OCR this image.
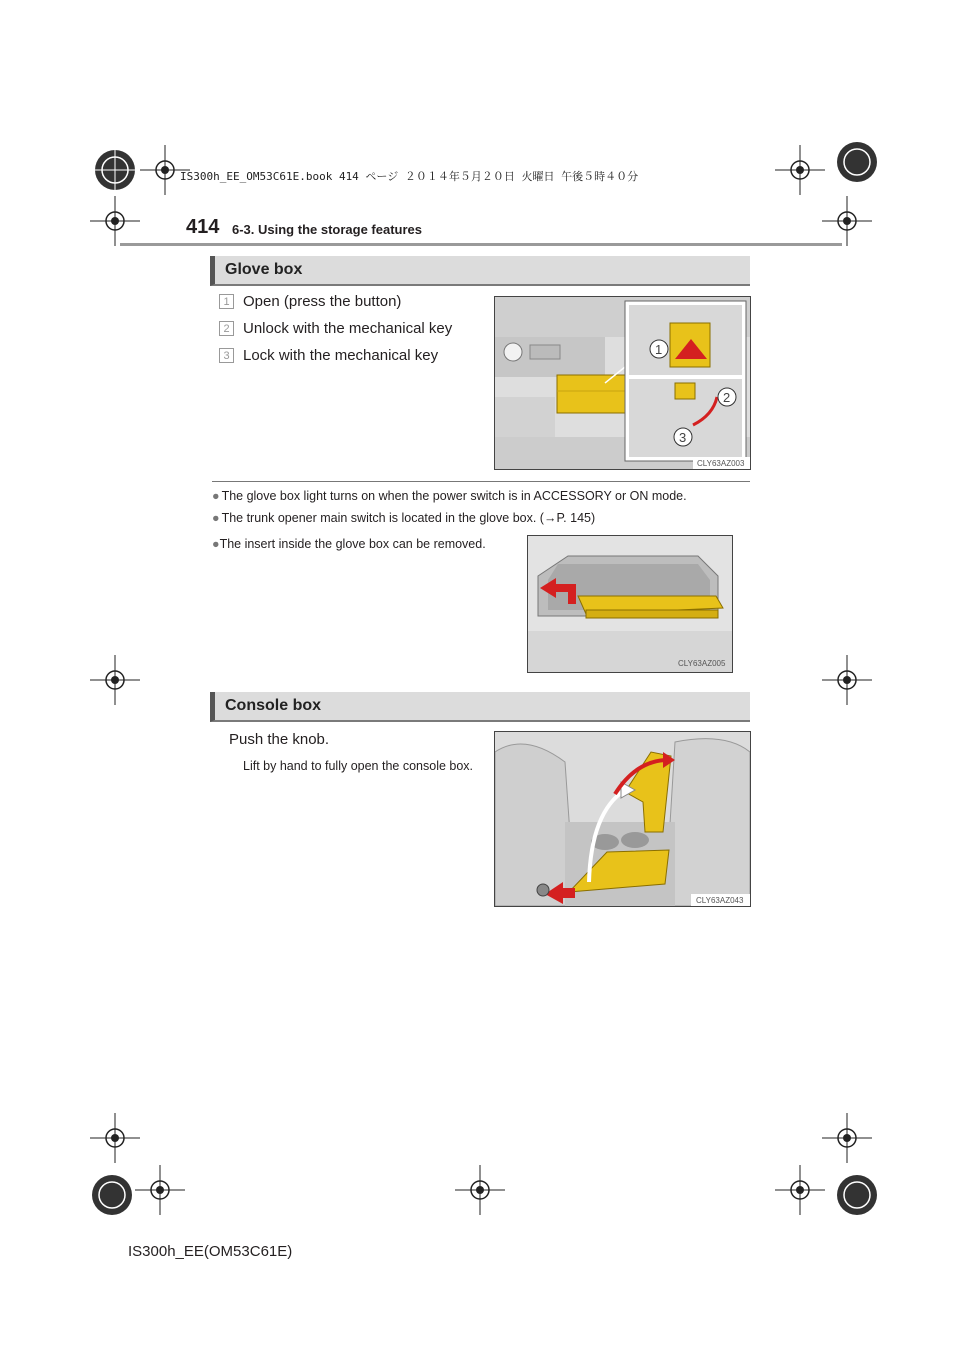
IS300h_EE_OM53C61E.book 414 ページ ２０１４年５月２０日 火曜日 午後５時４０分
414 6-3. Using the storage features
Glove box
1 Open (press the button)
2 Unlock with the mechanical key
3 Lock with the mechanical key	1
2
3
CLY63AZ003
● The glove box light turns on when the power switch is in ACCESSORY or ON mode.
● The trunk opener main switch is located in the glove box. (→P. 145)
●The insert inside the glove box can be removed.
CLY63AZ005
Console box
Push the knob.
Lift by hand to fully open the console box.
CLY63AZ043
IS300h_EE(OM53C61E)
